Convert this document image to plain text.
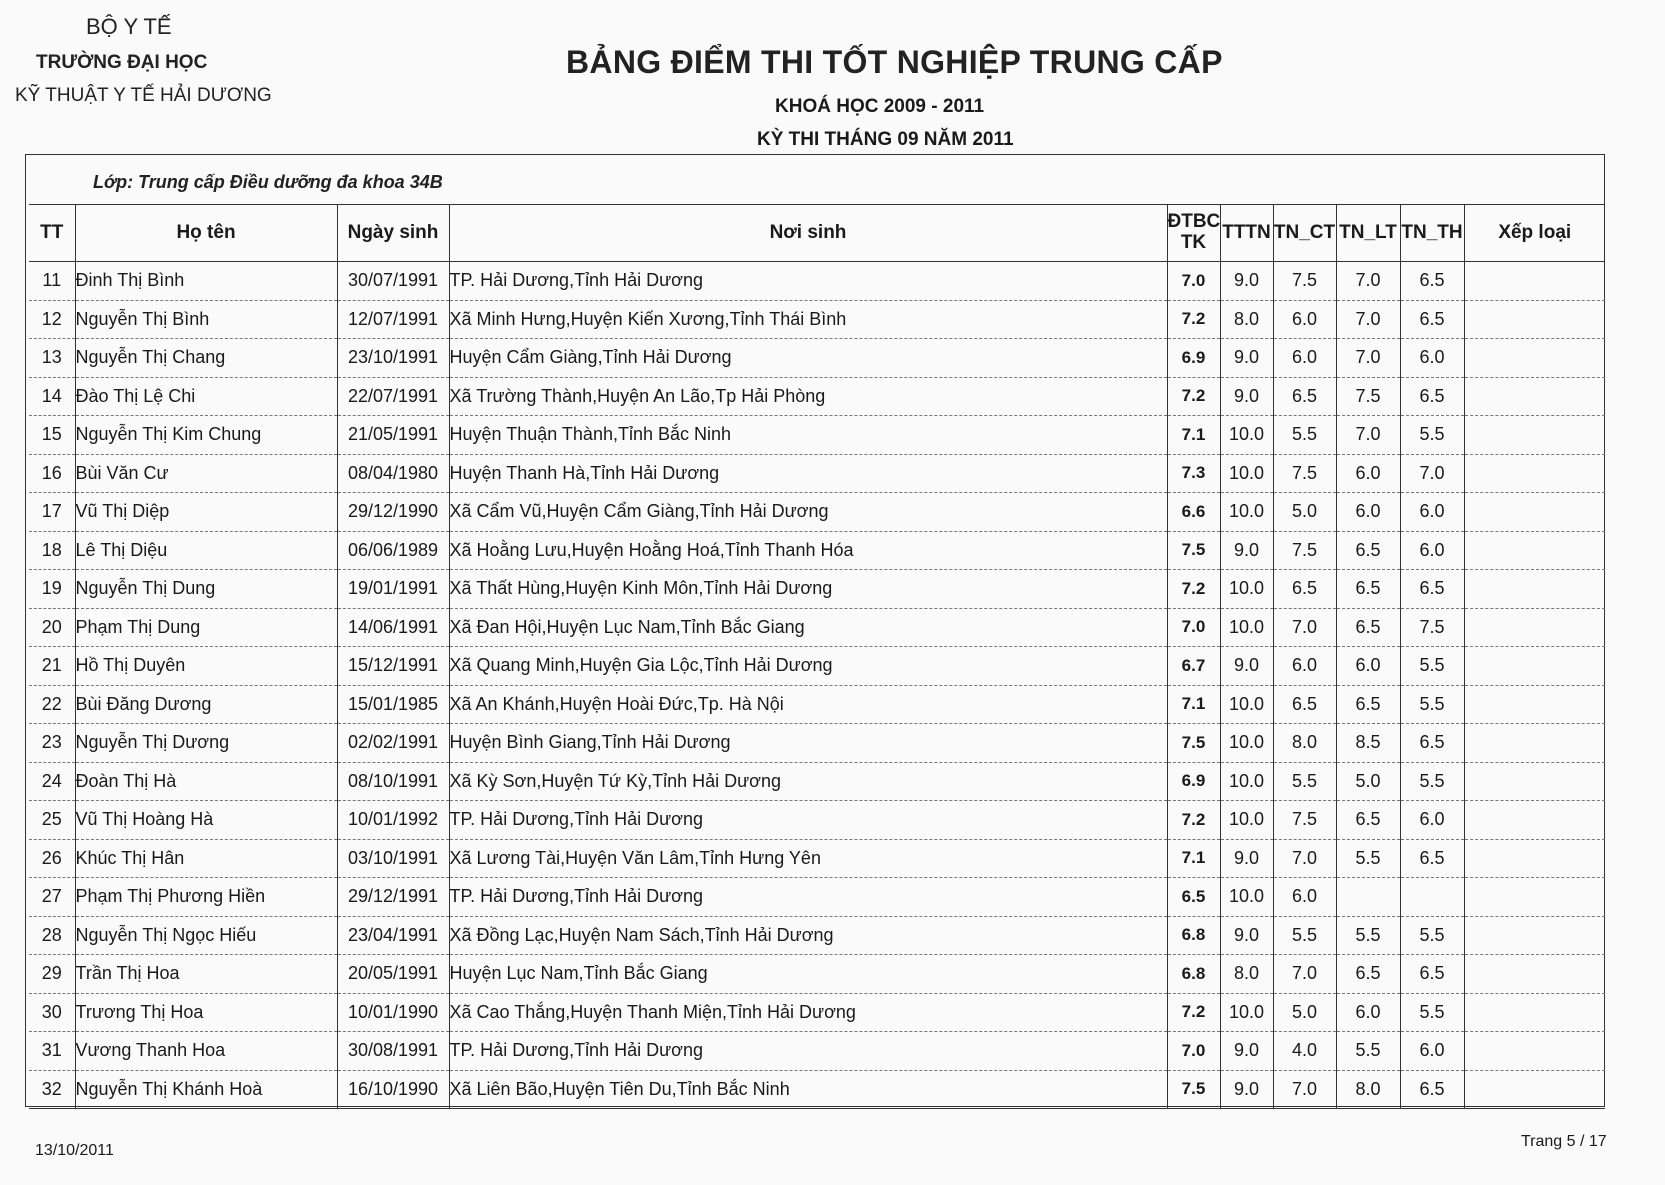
BỘ Y TẾ
TRƯỜNG ĐẠI HỌC
KỸ THUẬT Y TẾ HẢI DƯƠNG
BẢNG ĐIỂM THI TỐT NGHIỆP TRUNG CẤP
KHOÁ HỌC 2009 - 2011
KỲ THI THÁNG 09 NĂM 2011
Lớp: Trung cấp Điều dưỡng đa khoa 34B
TT	Họ tên	Ngày sinh	Nơi sinh	ĐTBC
TK	TTTN	TN_CT	TN_LT	TN_TH	Xếp loại
11	Đinh Thị Bình	30/07/1991	TP. Hải Dương,Tỉnh Hải Dương	7.0	9.0	7.5	7.0	6.5	
12	Nguyễn Thị Bình	12/07/1991	Xã Minh Hưng,Huyện Kiến Xương,Tỉnh Thái Bình	7.2	8.0	6.0	7.0	6.5	
13	Nguyễn Thị Chang	23/10/1991	Huyện Cẩm Giàng,Tỉnh Hải Dương	6.9	9.0	6.0	7.0	6.0	
14	Đào Thị Lệ Chi	22/07/1991	Xã Trường Thành,Huyện An Lão,Tp Hải Phòng	7.2	9.0	6.5	7.5	6.5	
15	Nguyễn Thị Kim Chung	21/05/1991	Huyện Thuận Thành,Tỉnh Bắc Ninh	7.1	10.0	5.5	7.0	5.5	
16	Bùi Văn Cư	08/04/1980	Huyện Thanh Hà,Tỉnh Hải Dương	7.3	10.0	7.5	6.0	7.0	
17	Vũ Thị Diệp	29/12/1990	Xã Cẩm Vũ,Huyện Cẩm Giàng,Tỉnh Hải Dương	6.6	10.0	5.0	6.0	6.0	
18	Lê Thị Diệu	06/06/1989	Xã Hoằng Lưu,Huyện Hoằng Hoá,Tỉnh Thanh Hóa	7.5	9.0	7.5	6.5	6.0	
19	Nguyễn Thị Dung	19/01/1991	Xã Thất Hùng,Huyện Kinh Môn,Tỉnh Hải Dương	7.2	10.0	6.5	6.5	6.5	
20	Phạm Thị Dung	14/06/1991	Xã Đan Hội,Huyện Lục Nam,Tỉnh Bắc Giang	7.0	10.0	7.0	6.5	7.5	
21	Hồ Thị Duyên	15/12/1991	Xã Quang Minh,Huyện Gia Lộc,Tỉnh Hải Dương	6.7	9.0	6.0	6.0	5.5	
22	Bùi Đăng Dương	15/01/1985	Xã An Khánh,Huyện Hoài Đức,Tp. Hà Nội	7.1	10.0	6.5	6.5	5.5	
23	Nguyễn Thị Dương	02/02/1991	Huyện Bình Giang,Tỉnh Hải Dương	7.5	10.0	8.0	8.5	6.5	
24	Đoàn Thị Hà	08/10/1991	Xã Kỳ Sơn,Huyện Tứ Kỳ,Tỉnh Hải Dương	6.9	10.0	5.5	5.0	5.5	
25	Vũ Thị Hoàng Hà	10/01/1992	TP. Hải Dương,Tỉnh Hải Dương	7.2	10.0	7.5	6.5	6.0	
26	Khúc Thị Hân	03/10/1991	Xã Lương Tài,Huyện Văn Lâm,Tỉnh Hưng Yên	7.1	9.0	7.0	5.5	6.5	
27	Phạm Thị Phương Hiền	29/12/1991	TP. Hải Dương,Tỉnh Hải Dương	6.5	10.0	6.0			
28	Nguyễn Thị Ngọc Hiếu	23/04/1991	Xã Đồng Lạc,Huyện Nam Sách,Tỉnh Hải Dương	6.8	9.0	5.5	5.5	5.5	
29	Trần Thị Hoa	20/05/1991	Huyện Lục Nam,Tỉnh Bắc Giang	6.8	8.0	7.0	6.5	6.5	
30	Trương Thị Hoa	10/01/1990	Xã Cao Thắng,Huyện Thanh Miện,Tỉnh Hải Dương	7.2	10.0	5.0	6.0	5.5	
31	Vương Thanh Hoa	30/08/1991	TP. Hải Dương,Tỉnh Hải Dương	7.0	9.0	4.0	5.5	6.0	
32	Nguyễn Thị Khánh Hoà	16/10/1990	Xã Liên Bão,Huyện Tiên Du,Tỉnh Bắc Ninh	7.5	9.0	7.0	8.0	6.5	
13/10/2011
Trang 5 / 17
